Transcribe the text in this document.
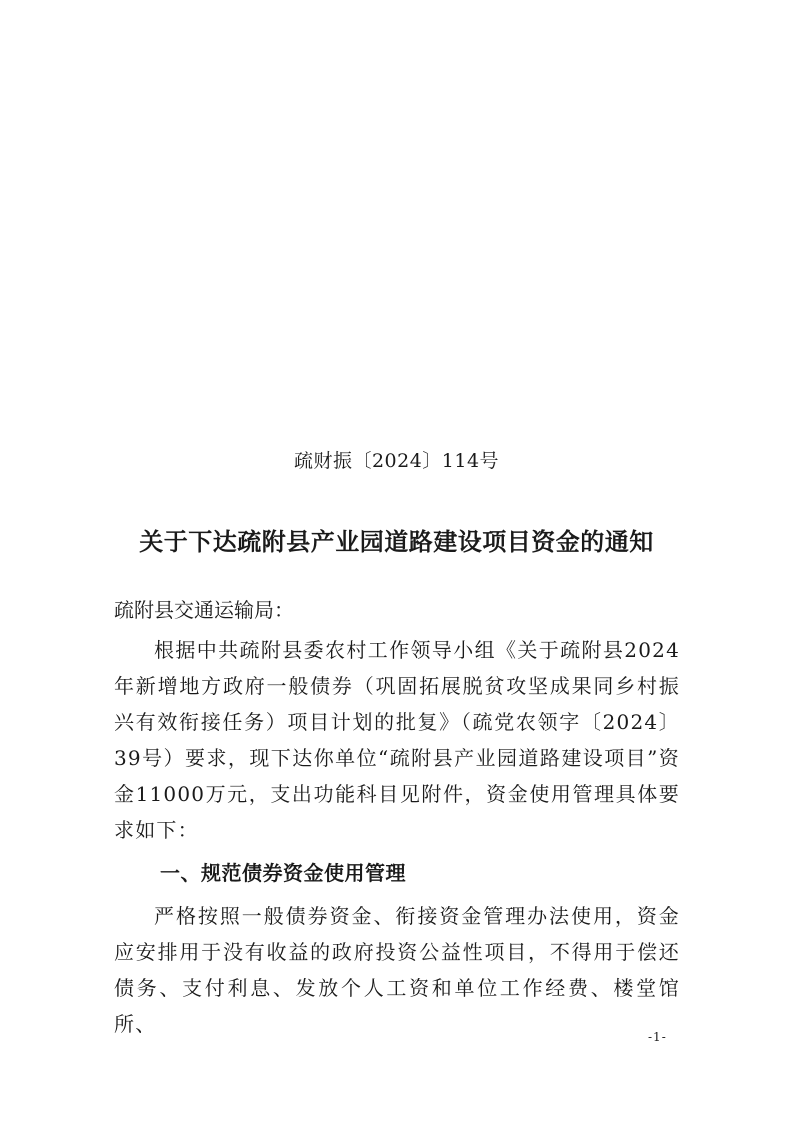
疏财振〔2024〕114号
关于下达疏附县产业园道路建设项目资金的通知
疏附县交通运输局：

根据中共疏附县委农村工作领导小组《关于疏附县2024年新增地方政府一般债券（巩固拓展脱贫攻坚成果同乡村振兴有效衔接任务）项目计划的批复》（疏党农领字〔2024〕39号）要求，现下达你单位“疏附县产业园道路建设项目”资金11000万元，支出功能科目见附件，资金使用管理具体要求如下：

一、规范债券资金使用管理

严格按照一般债券资金、衔接资金管理办法使用，资金应安排用于没有收益的政府投资公益性项目，不得用于偿还债务、支付利息、发放个人工资和单位工作经费、楼堂馆所、

-1-
